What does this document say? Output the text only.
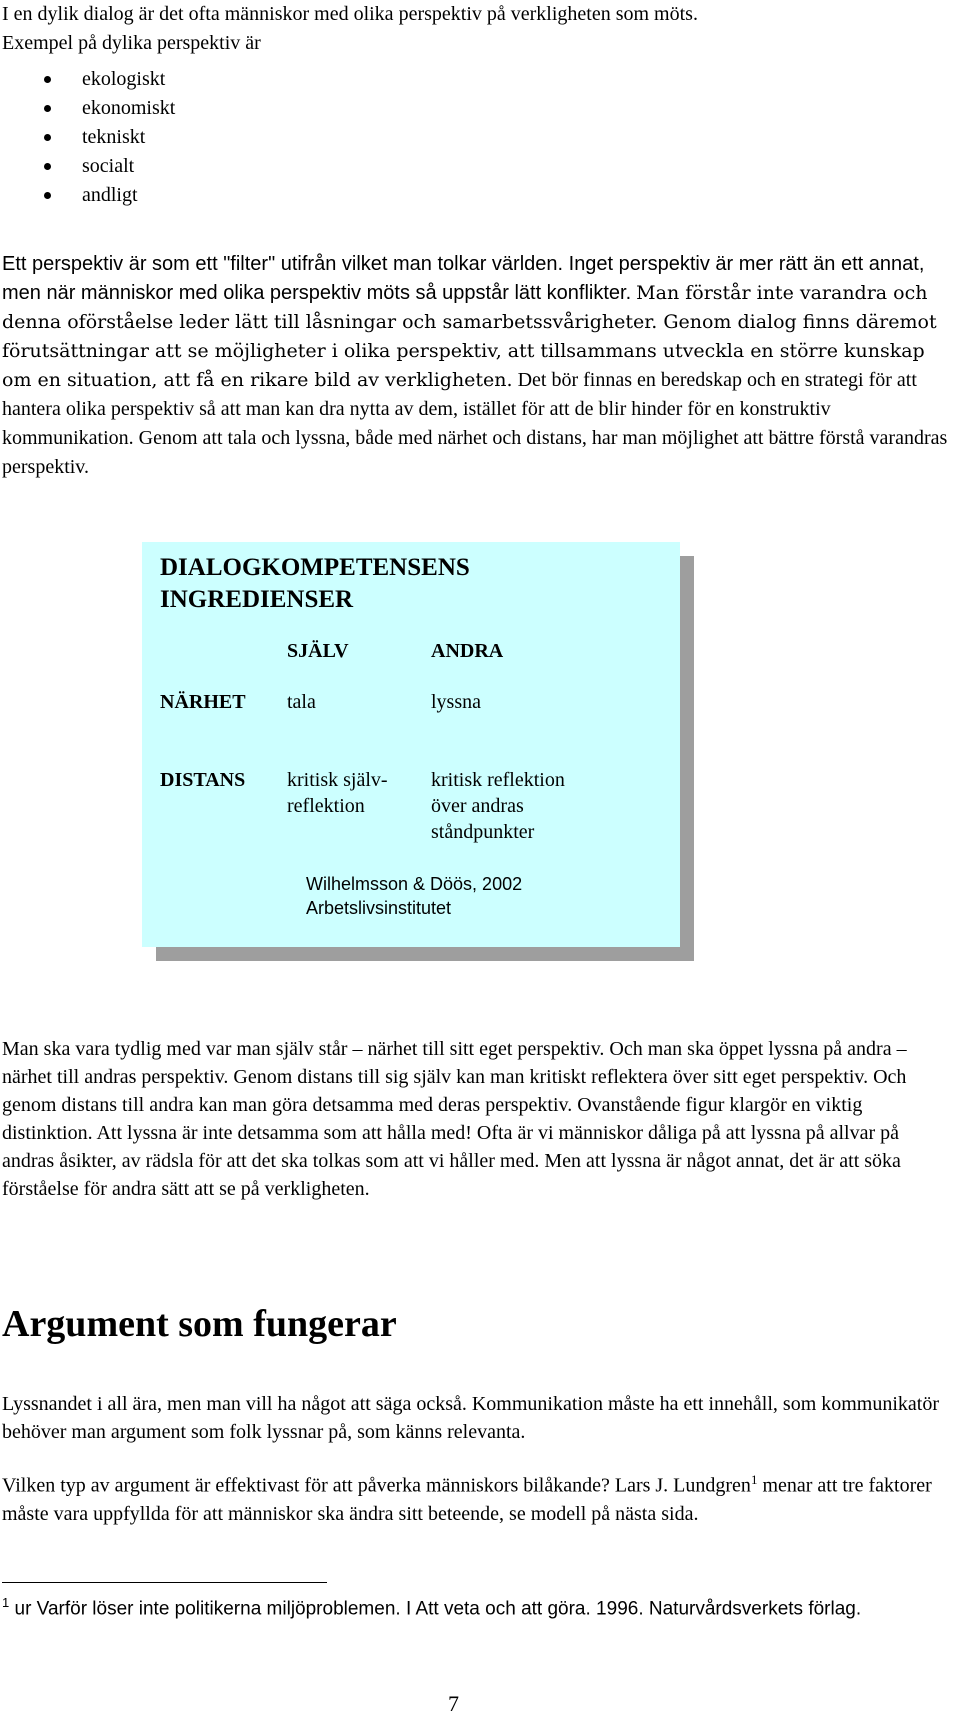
I en dylik dialog är det ofta människor med olika perspektiv på verkligheten som möts.
Exempel på dylika perspektiv är

ekologiskt
ekonomiskt
tekniskt
socialt
andligt

Ett perspektiv är som ett "filter" utifrån vilket man tolkar världen. Inget perspektiv är mer rätt än ett annat, men när människor med olika perspektiv möts så uppstår lätt konflikter. Man förstår inte varandra och denna oförståelse leder lätt till låsningar och samarbetssvårigheter. Genom dialog finns däremot förutsättningar att se möjligheter i olika perspektiv, att tillsammans utveckla en större kunskap om en situation, att få en rikare bild av verkligheten. Det bör finnas en beredskap och en strategi för att hantera olika perspektiv så att man kan dra nytta av dem, istället för att de blir hinder för en konstruktiv kommunikation. Genom att tala och lyssna, både med närhet och distans, har man möjlighet att bättre förstå varandras perspektiv.

DIALOGKOMPETENSENS
INGREDIENSER

SJÄLV	ANDRA
NÄRHET tala	lyssna
DISTANS kritisk själv-
reflektion
kritisk reflektion
över andras
ståndpunkter
Wilhelmsson & Döös, 2002
Arbetslivsinstitutet

Man ska vara tydlig med var man själv står – närhet till sitt eget perspektiv. Och man ska öppet lyssna på andra – närhet till andras perspektiv. Genom distans till sig själv kan man kritiskt reflektera över sitt eget perspektiv. Och genom distans till andra kan man göra detsamma med deras perspektiv. Ovanstående figur klargör en viktig distinktion. Att lyssna är inte detsamma som att hålla med! Ofta är vi människor dåliga på att lyssna på allvar på andras åsikter, av rädsla för att det ska tolkas som att vi håller med. Men att lyssna är något annat, det är att söka förståelse för andra sätt att se på verkligheten.

Argument som fungerar

Lyssnandet i all ära, men man vill ha något att säga också. Kommunikation måste ha ett innehåll, som kommunikatör behöver man argument som folk lyssnar på, som känns relevanta.

Vilken typ av argument är effektivast för att påverka människors bilåkande? Lars J. Lundgren$^1$ menar att tre faktorer måste vara uppfyllda för att människor ska ändra sitt beteende, se modell på nästa sida.

$^1$ ur Varför löser inte politikerna miljöproblemen. I Att veta och att göra. 1996. Naturvårdsverkets förlag.

7
